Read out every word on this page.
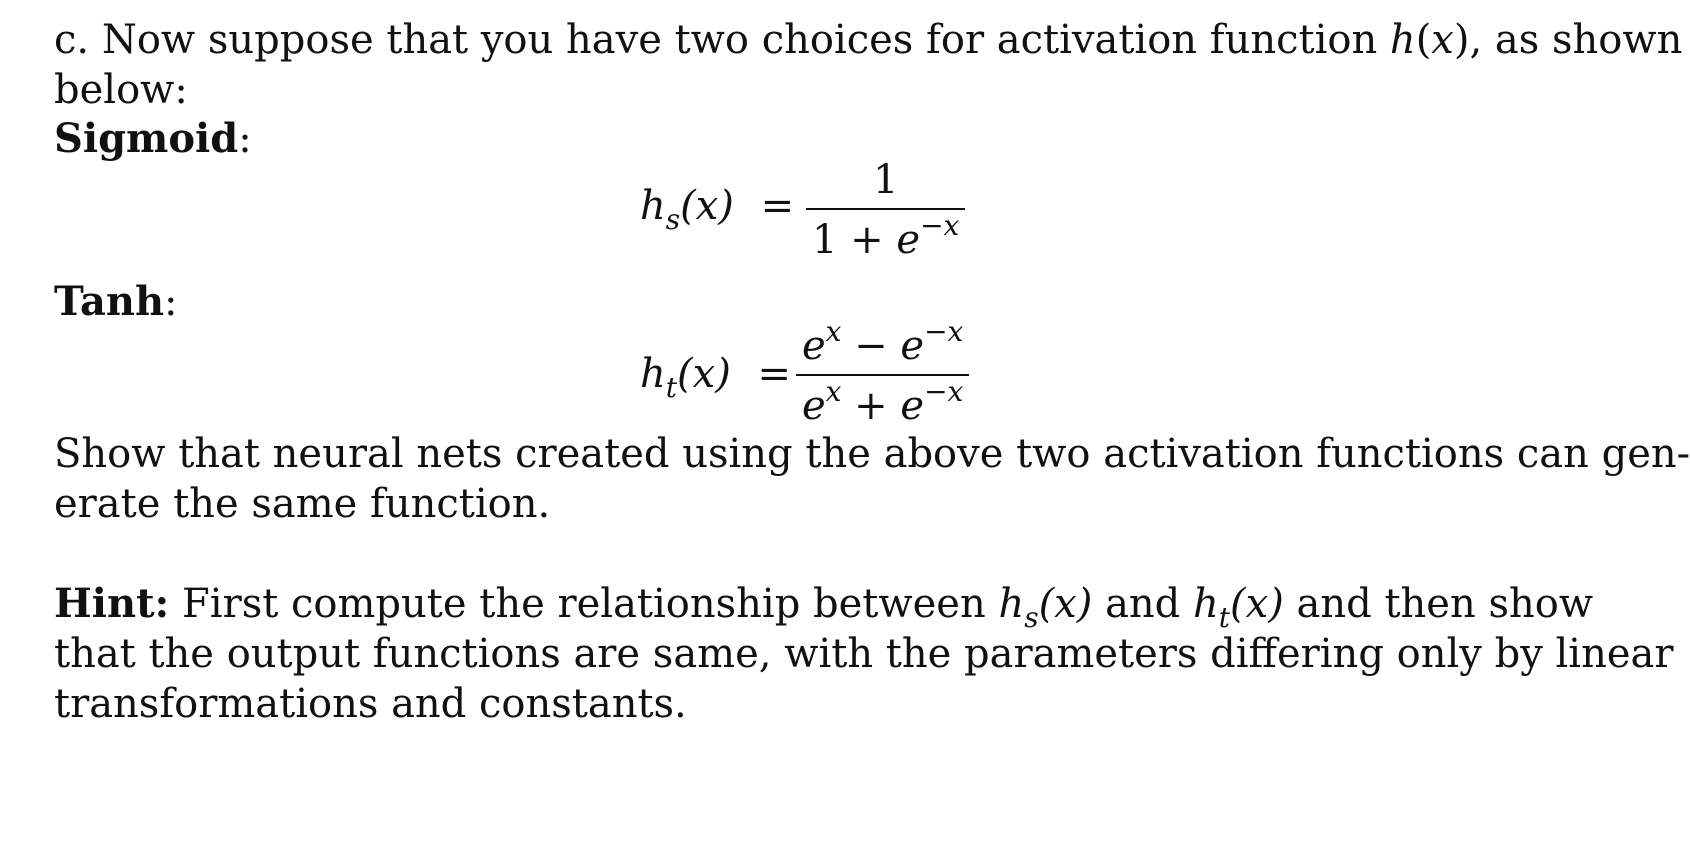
c. Now suppose that you have two choices for activation function h(x), as shown
below:
Sigmoid:
$h_s(x)$ =
1
$1 + e^{-x}$
Tanh:
$h_t(x)$ =
$e^x - e^{-x}$
$e^x + e^{-x}$
Show that neural nets created using the above two activation functions can gen-
erate the same function.
Hint: First compute the relationship between $h_s(x)$ and $h_t(x)$ and then show
that the output functions are same, with the parameters differing only by linear
transformations and constants.
